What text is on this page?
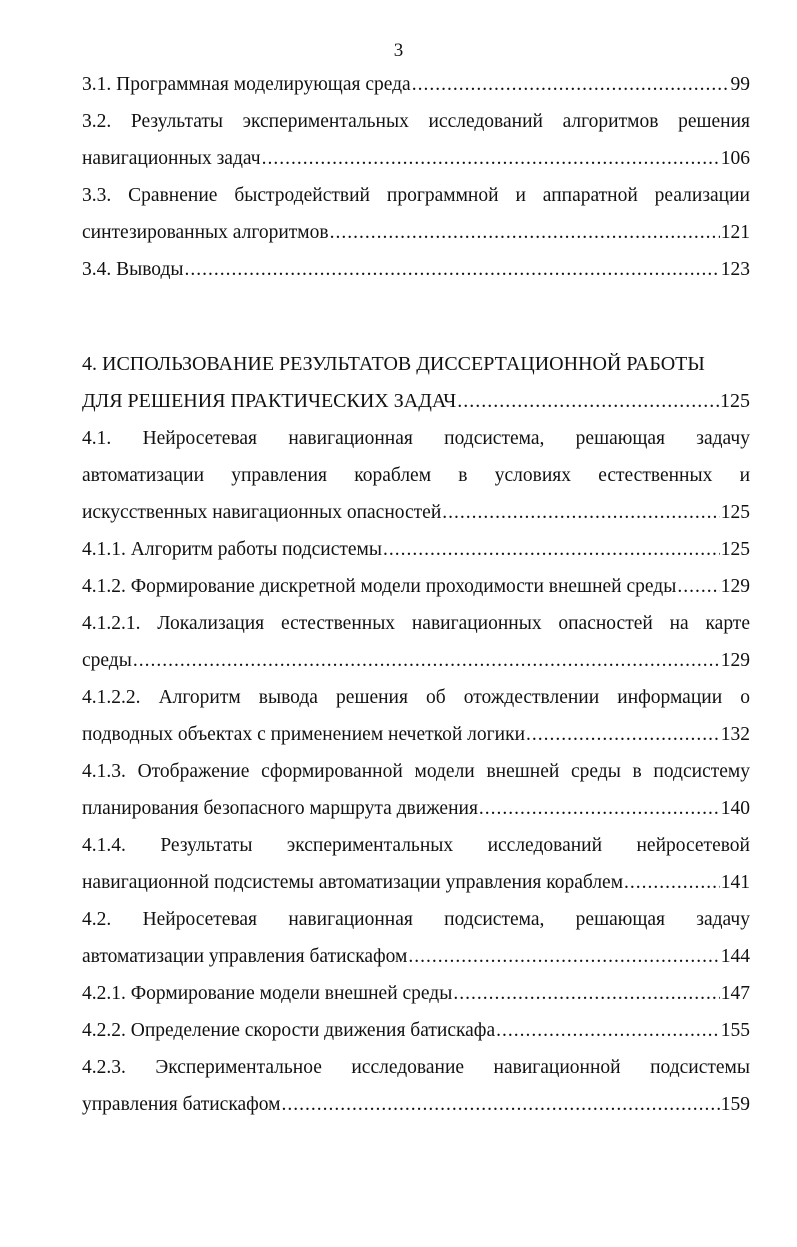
3
3.1. Программная моделирующая среда .....	99
3.2. Результаты экспериментальных исследований алгоритмов решения
навигационных задач .....	106
3.3. Сравнение быстродействий программной и аппаратной реализации
синтезированных алгоритмов .....	121
3.4. Выводы .....	123
4. ИСПОЛЬЗОВАНИЕ РЕЗУЛЬТАТОВ ДИССЕРТАЦИОННОЙ РАБОТЫ
ДЛЯ РЕШЕНИЯ ПРАКТИЧЕСКИХ ЗАДАЧ .....	125
4.1. Нейросетевая навигационная подсистема, решающая задачу
автоматизации управления кораблем в условиях естественных и
искусственных навигационных опасностей .....	125
4.1.1. Алгоритм работы подсистемы .....	125
4.1.2. Формирование дискретной модели проходимости внешней среды ..... 129
4.1.2.1. Локализация естественных навигационных опасностей на карте
среды .....	129
4.1.2.2. Алгоритм вывода решения об отождествлении информации о
подводных объектах с применением нечеткой логики .....	132
4.1.3. Отображение сформированной модели внешней среды в подсистему
планирования безопасного маршрута движения .....	140
4.1.4. Результаты экспериментальных исследований нейросетевой
навигационной подсистемы автоматизации управления кораблем .....	141
4.2. Нейросетевая навигационная подсистема, решающая задачу
автоматизации управления батискафом .....	144
4.2.1. Формирование модели внешней среды .....	147
4.2.2. Определение скорости движения батискафа .....	155
4.2.3. Экспериментальное исследование навигационной подсистемы
управления батискафом .....	159
